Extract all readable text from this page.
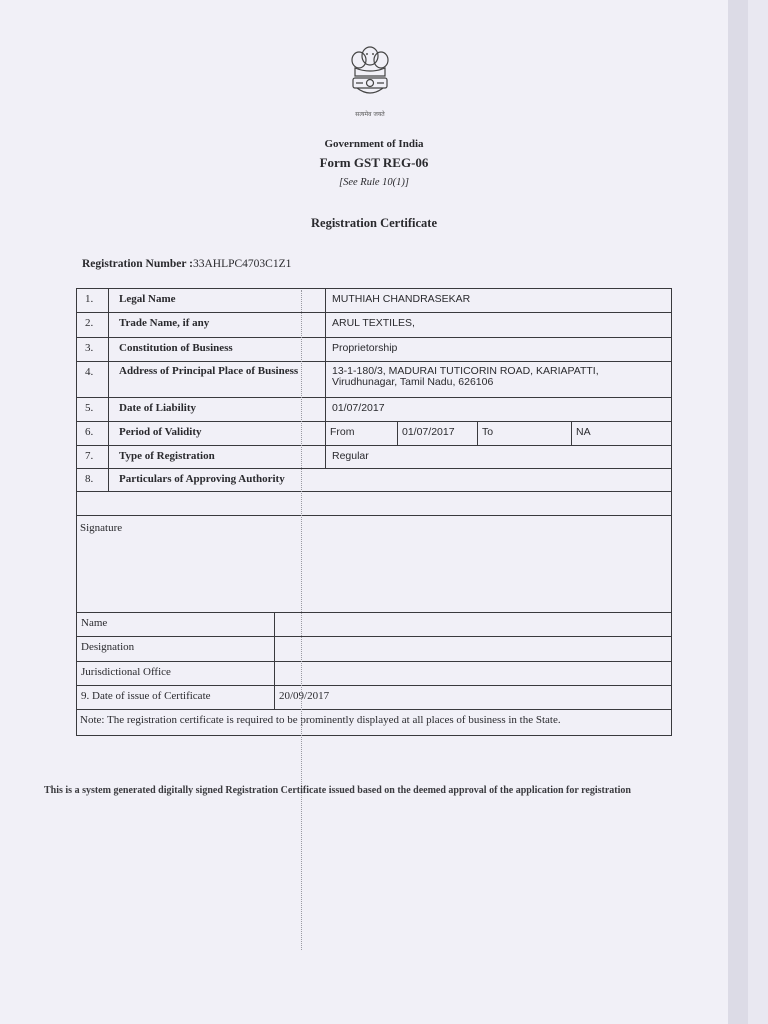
सत्यमेव जयते
Government of India
Form GST REG-06
[See Rule 10(1)]
Registration Certificate
Registration Number :33AHLPC4703C1Z1
1.	Legal Name	MUTHIAH CHANDRASEKAR
2.	Trade Name, if any	ARUL TEXTILES,
3.	Constitution of Business	Proprietorship
4.	Address of Principal Place of Business	13-1-180/3, MADURAI TUTICORIN ROAD, KARIAPATTI, Virudhunagar, Tamil Nadu, 626106
5.	Date of Liability	01/07/2017
6.	Period of Validity	From	01/07/2017	To	NA
7.	Type of Registration	Regular
8.	Particulars of Approving Authority
Signature
Name
Designation
Jurisdictional Office
9. Date of issue of Certificate	20/09/2017
Note: The registration certificate is required to be prominently displayed at all places of business in the State.
This is a system generated digitally signed Registration Certificate issued based on the deemed approval of the application for registration
